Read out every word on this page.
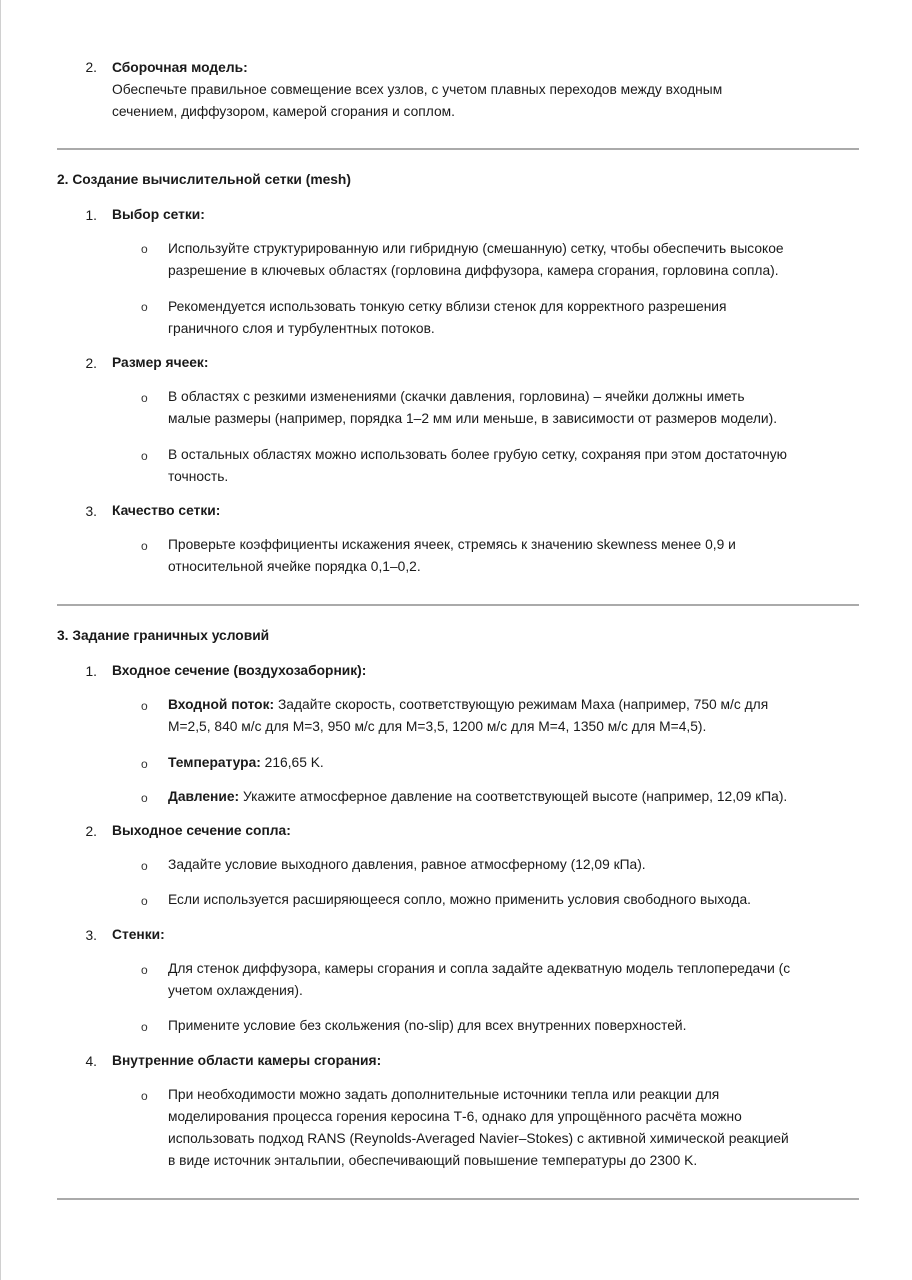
2. Сборочная модель:
Обеспечьте правильное совмещение всех узлов, с учетом плавных переходов между входным
сечением, диффузором, камерой сгорания и соплом.
2. Создание вычислительной сетки (mesh)
1. Выбор сетки:
o Используйте структурированную или гибридную (смешанную) сетку, чтобы обеспечить высокое
разрешение в ключевых областях (горловина диффузора, камера сгорания, горловина сопла).
o Рекомендуется использовать тонкую сетку вблизи стенок для корректного разрешения
граничного слоя и турбулентных потоков.
2. Размер ячеек:
o В областях с резкими изменениями (скачки давления, горловина) – ячейки должны иметь
малые размеры (например, порядка 1–2 мм или меньше, в зависимости от размеров модели).
o В остальных областях можно использовать более грубую сетку, сохраняя при этом достаточную
точность.
3. Качество сетки:
o Проверьте коэффициенты искажения ячеек, стремясь к значению skewness менее 0,9 и
относительной ячейке порядка 0,1–0,2.
3. Задание граничных условий
1. Входное сечение (воздухозаборник):
o Входной поток: Задайте скорость, соответствующую режимам Маха (например, 750 м/с для
M=2,5, 840 м/с для M=3, 950 м/с для M=3,5, 1200 м/с для M=4, 1350 м/с для M=4,5).
o Температура: 216,65 K.
o Давление: Укажите атмосферное давление на соответствующей высоте (например, 12,09 кПа).
2. Выходное сечение сопла:
o Задайте условие выходного давления, равное атмосферному (12,09 кПа).
o Если используется расширяющееся сопло, можно применить условия свободного выхода.
3. Стенки:
o Для стенок диффузора, камеры сгорания и сопла задайте адекватную модель теплопередачи (с
учетом охлаждения).
o Примените условие без скольжения (no-slip) для всех внутренних поверхностей.
4. Внутренние области камеры сгорания:
o При необходимости можно задать дополнительные источники тепла или реакции для
моделирования процесса горения керосина Т-6, однако для упрощённого расчёта можно
использовать подход RANS (Reynolds-Averaged Navier–Stokes) с активной химической реакцией
в виде источник энтальпии, обеспечивающий повышение температуры до 2300 K.
